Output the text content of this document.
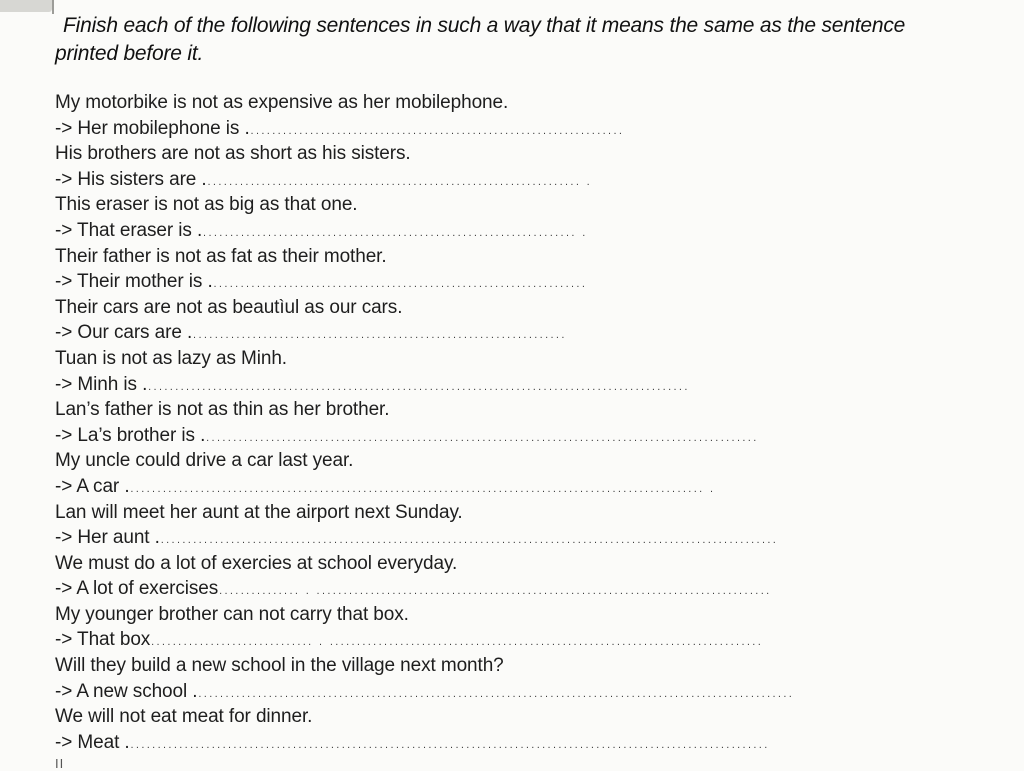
Finish each of the following sentences in such a way that it means the same as the sentence
printed before it.
My motorbike is not as expensive as her mobilephone.
-> Her mobilephone is . .....................................................................
His brothers are not as short as his sisters.
-> His sisters are . ..................................................................... .
This eraser is not as big as that one.
-> That eraser is . ..................................................................... .
Their father is not as fat as their mother.
-> Their mother is . .....................................................................
Their cars are not as beautìul as our cars.
-> Our cars are . .....................................................................
Tuan is not as lazy as Minh.
-> Minh is . ....................................................................................................
Lan’s father is not as thin as her brother.
-> La’s brother is . ......................................................................................................
My uncle could drive a car last year.
-> A car . .......................................................................................................... .
Lan will meet her aunt at the airport next Sunday.
-> Her aunt . ..................................................................................................................
We must do a lot of exercies at school everyday.
-> A lot of exercises ............... . ....................................................................................
My younger brother can not carry that box.
-> That box .............................. . ................................................................................
Will they build a new school in the village next month?
-> A new school . ..............................................................................................................
We will not eat meat for dinner.
-> Meat . ......................................................................................................................
II
